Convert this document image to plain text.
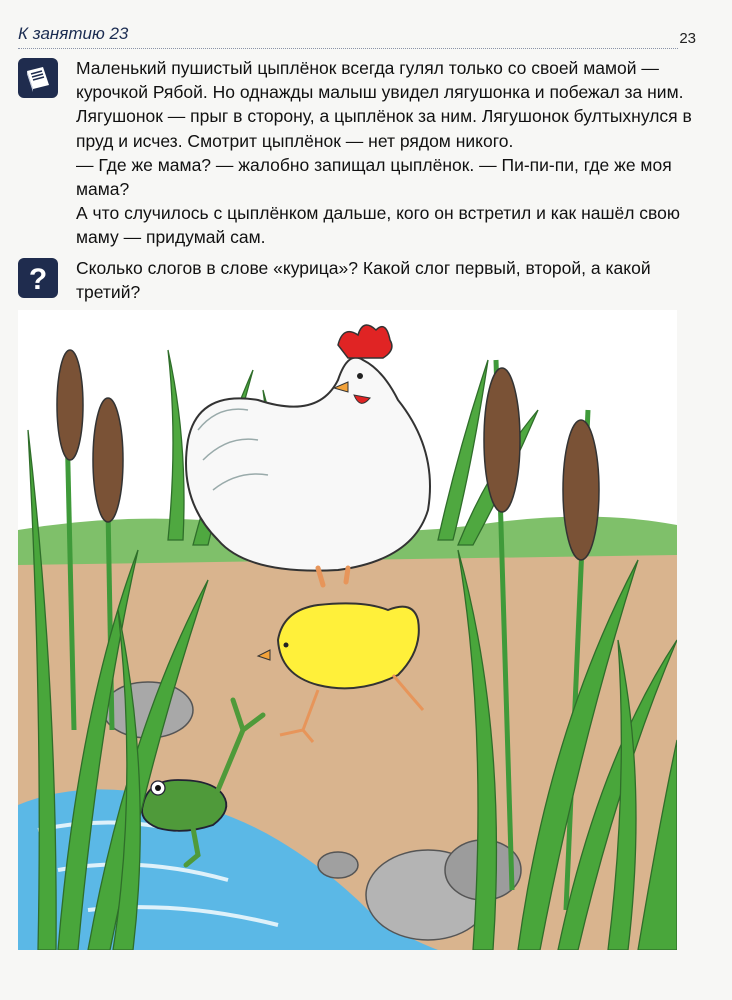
К занятию 23	23

Маленький пушистый цыплёнок всегда гулял только со своей мамой — курочкой Рябой. Но однажды малыш увидел лягушонка и побежал за ним. Лягушонок — прыг в сторону, а цыплёнок за ним. Лягушонок бултыхнулся в пруд и исчез. Смотрит цыплёнок — нет рядом никого.

— Где же мама? — жалобно запищал цыплёнок. — Пи-пи-пи, где же моя мама?

А что случилось с цыплёнком дальше, кого он встретил и как нашёл свою маму — придумай сам.

? Сколько слогов в слове «курица»? Какой слог первый, второй, а какой третий?
